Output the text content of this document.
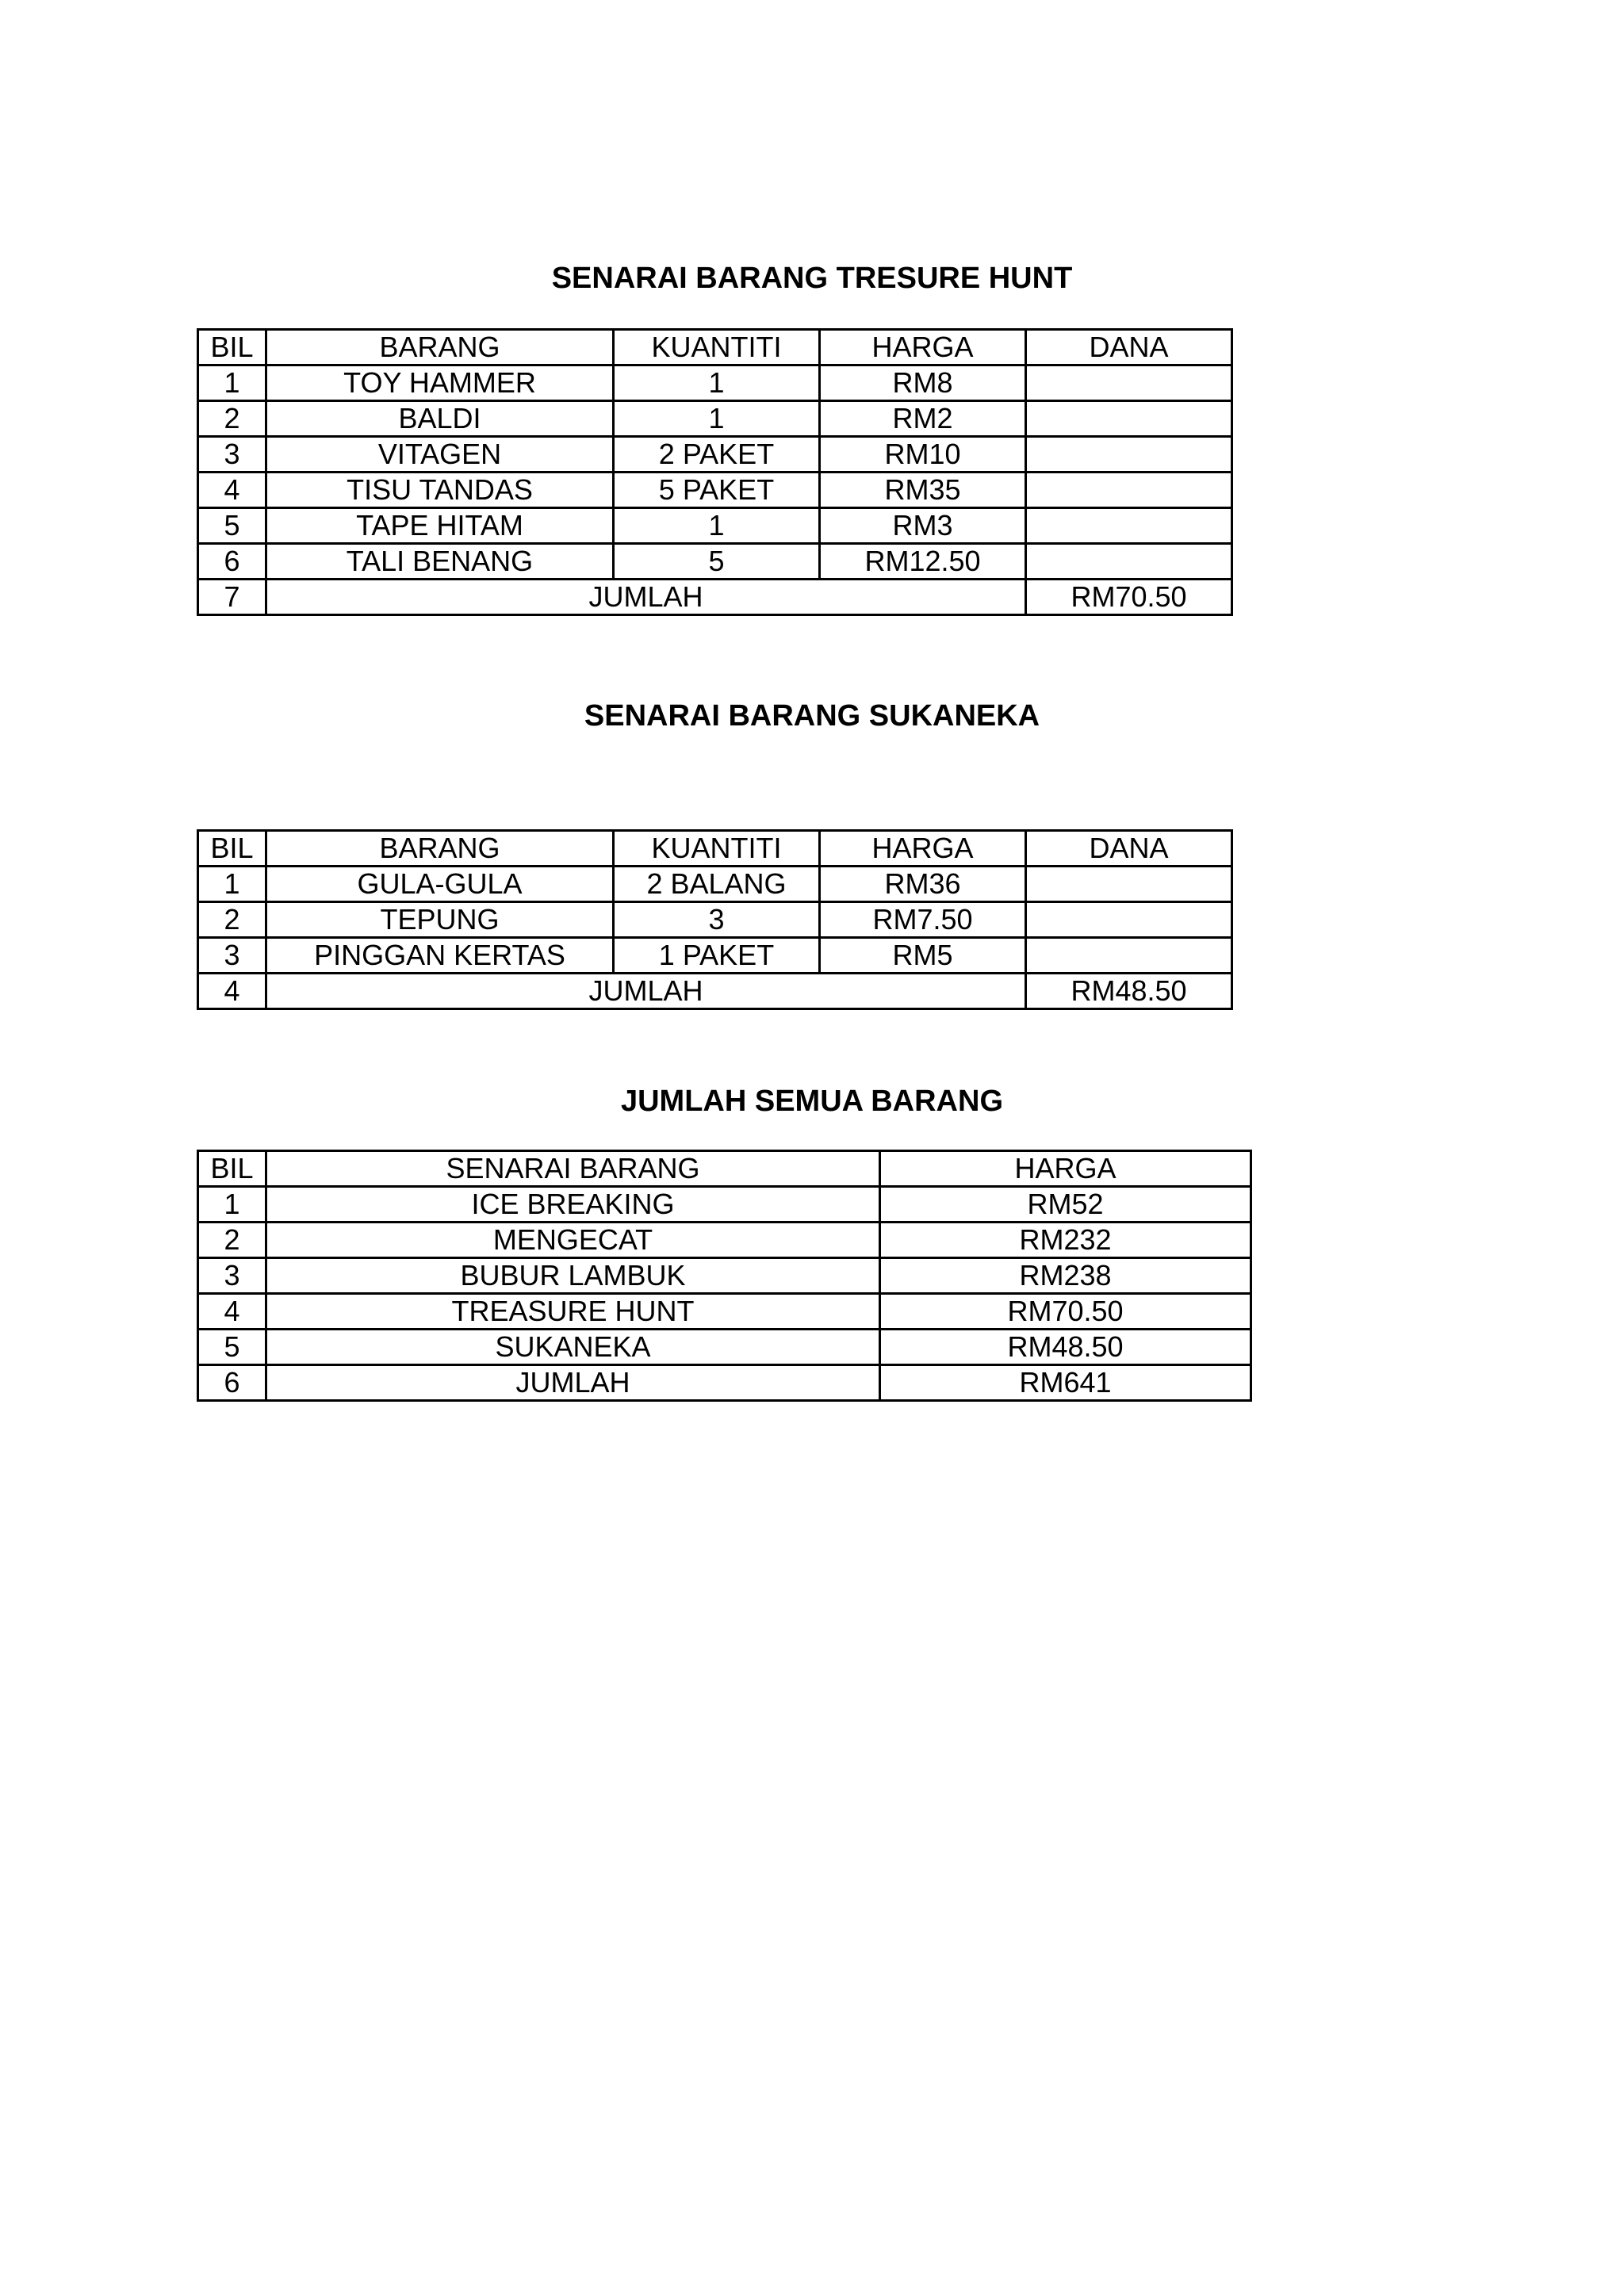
SENARAI BARANG TRESURE HUNT
BIL	BARANG	KUANTITI	HARGA	DANA
1	TOY HAMMER	1	RM8	
2	BALDI	1	RM2	
3	VITAGEN	2 PAKET	RM10	
4	TISU TANDAS	5 PAKET	RM35	
5	TAPE HITAM	1	RM3	
6	TALI BENANG	5	RM12.50	
7	JUMLAH			RM70.50
SENARAI BARANG SUKANEKA
BIL	BARANG	KUANTITI	HARGA	DANA
1	GULA-GULA	2 BALANG	RM36	
2	TEPUNG	3	RM7.50	
3	PINGGAN KERTAS	1 PAKET	RM5	
4	JUMLAH			RM48.50
JUMLAH SEMUA BARANG
BIL	SENARAI BARANG	HARGA
1	ICE BREAKING	RM52
2	MENGECAT	RM232
3	BUBUR LAMBUK	RM238
4	TREASURE HUNT	RM70.50
5	SUKANEKA	RM48.50
6	JUMLAH	RM641
